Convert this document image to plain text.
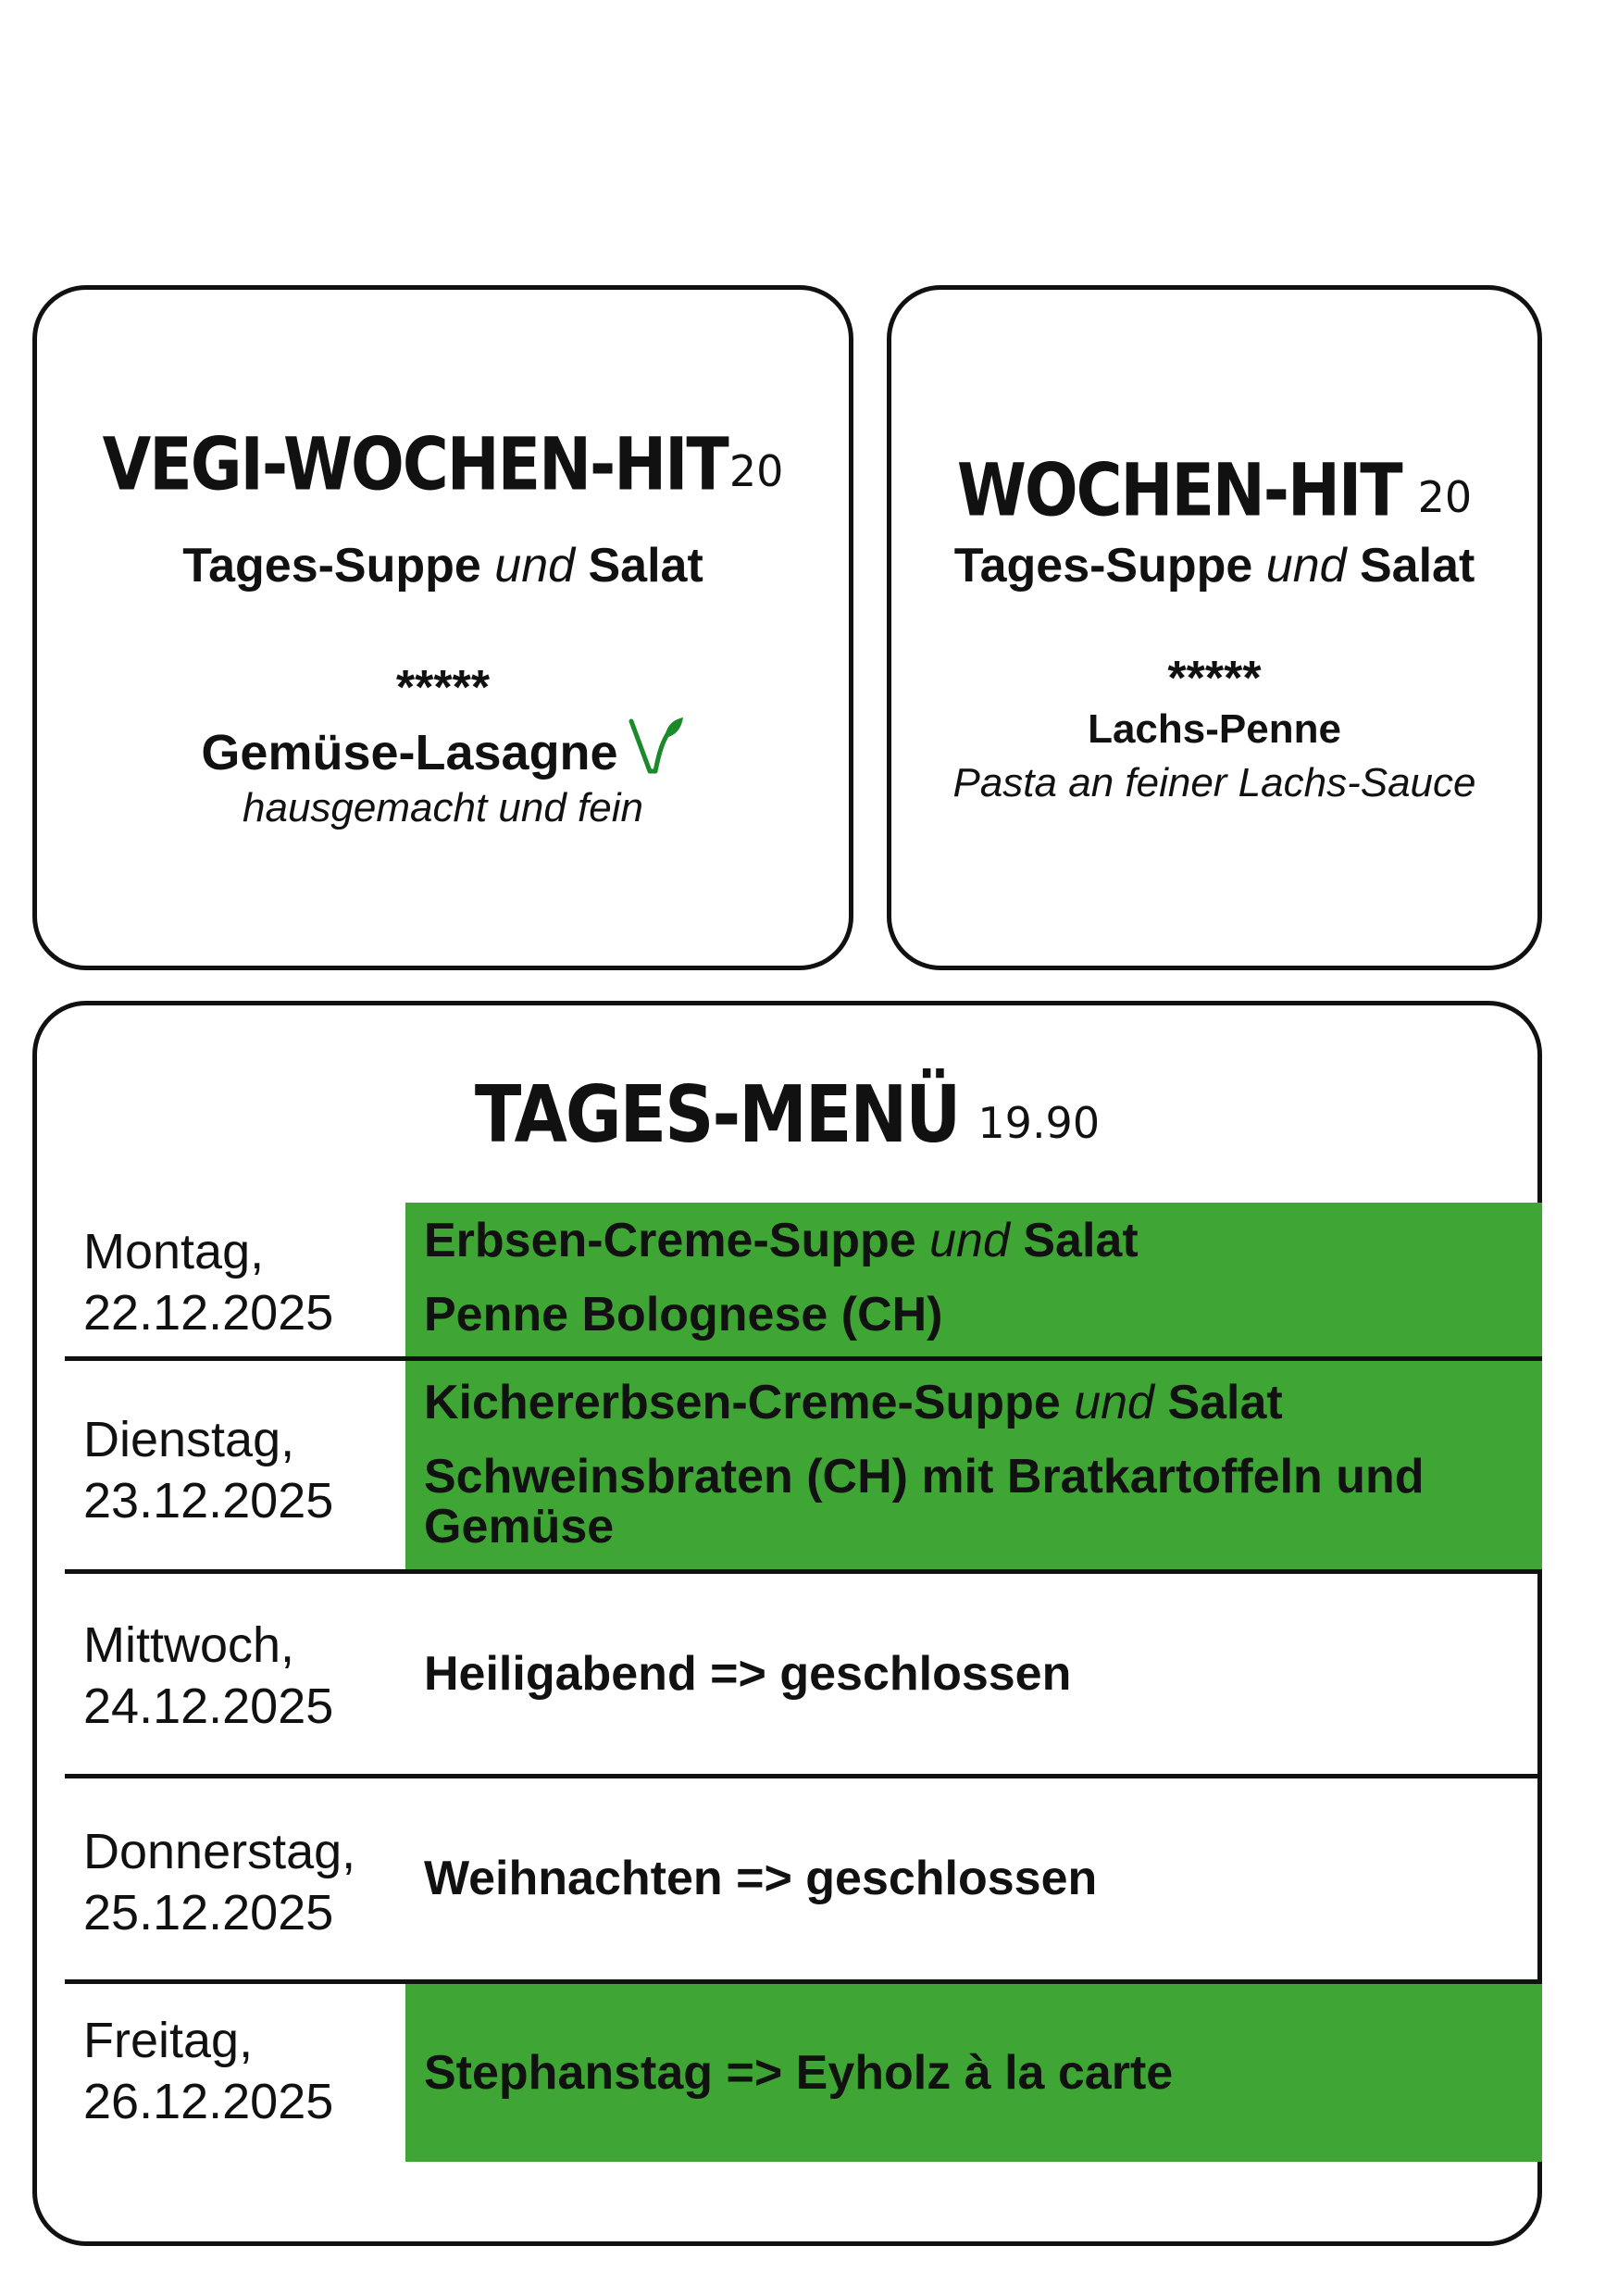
VEGI-WOCHEN-HIT20
Tages-Suppe und Salat
*****
Gemüse-Lasagne
hausgemacht und fein
WOCHEN-HIT 20
Tages-Suppe und Salat
*****
Lachs-Penne
Pasta an feiner Lachs-Sauce
TAGES-MENÜ 19.90
Montag,
22.12.2025
Erbsen-Creme-Suppe und Salat
Penne Bolognese (CH)
Dienstag,
23.12.2025
Kichererbsen-Creme-Suppe und Salat
Schweinsbraten (CH) mit Bratkartoffeln und Gemüse
Mittwoch,
24.12.2025
Heiligabend => geschlossen
Donnerstag,
25.12.2025
Weihnachten => geschlossen
Freitag,
26.12.2025
Stephanstag => Eyholz à la carte
